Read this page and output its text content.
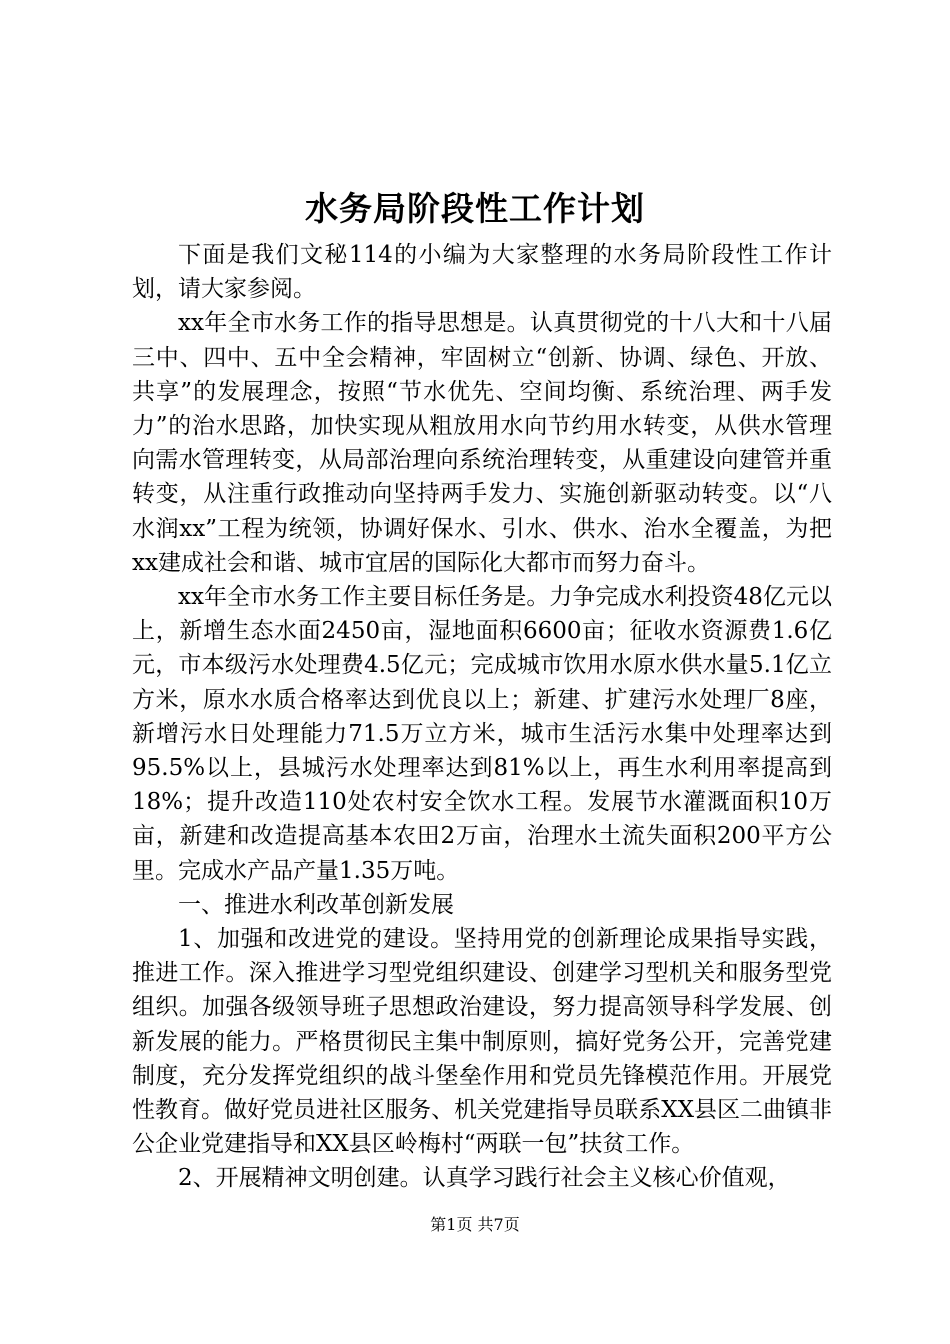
水务局阶段性工作计划

下面是我们文秘114的小编为大家整理的水务局阶段性工作计划，请大家参阅。

xx年全市水务工作的指导思想是。认真贯彻党的十八大和十八届三中、四中、五中全会精神，牢固树立“创新、协调、绿色、开放、共享”的发展理念，按照“节水优先、空间均衡、系统治理、两手发力”的治水思路，加快实现从粗放用水向节约用水转变，从供水管理向需水管理转变，从局部治理向系统治理转变，从重建设向建管并重转变，从注重行政推动向坚持两手发力、实施创新驱动转变。以“八水润xx”工程为统领，协调好保水、引水、供水、治水全覆盖，为把xx建成社会和谐、城市宜居的国际化大都市而努力奋斗。

xx年全市水务工作主要目标任务是。力争完成水利投资48亿元以上，新增生态水面2450亩，湿地面积6600亩；征收水资源费1.6亿元，市本级污水处理费4.5亿元；完成城市饮用水原水供水量5.1亿立方米，原水水质合格率达到优良以上；新建、扩建污水处理厂8座，新增污水日处理能力71.5万立方米，城市生活污水集中处理率达到95.5%以上，县城污水处理率达到81%以上，再生水利用率提高到18%；提升改造110处农村安全饮水工程。发展节水灌溉面积10万亩，新建和改造提高基本农田2万亩，治理水土流失面积200平方公里。完成水产品产量1.35万吨。

一、推进水利改革创新发展

1、加强和改进党的建设。坚持用党的创新理论成果指导实践，推进工作。深入推进学习型党组织建设、创建学习型机关和服务型党组织。加强各级领导班子思想政治建设，努力提高领导科学发展、创新发展的能力。严格贯彻民主集中制原则，搞好党务公开，完善党建制度，充分发挥党组织的战斗堡垒作用和党员先锋模范作用。开展党性教育。做好党员进社区服务、机关党建指导员联系XX县区二曲镇非公企业党建指导和XX县区岭梅村“两联一包”扶贫工作。

2、开展精神文明创建。认真学习践行社会主义核心价值观，

第1页 共7页
